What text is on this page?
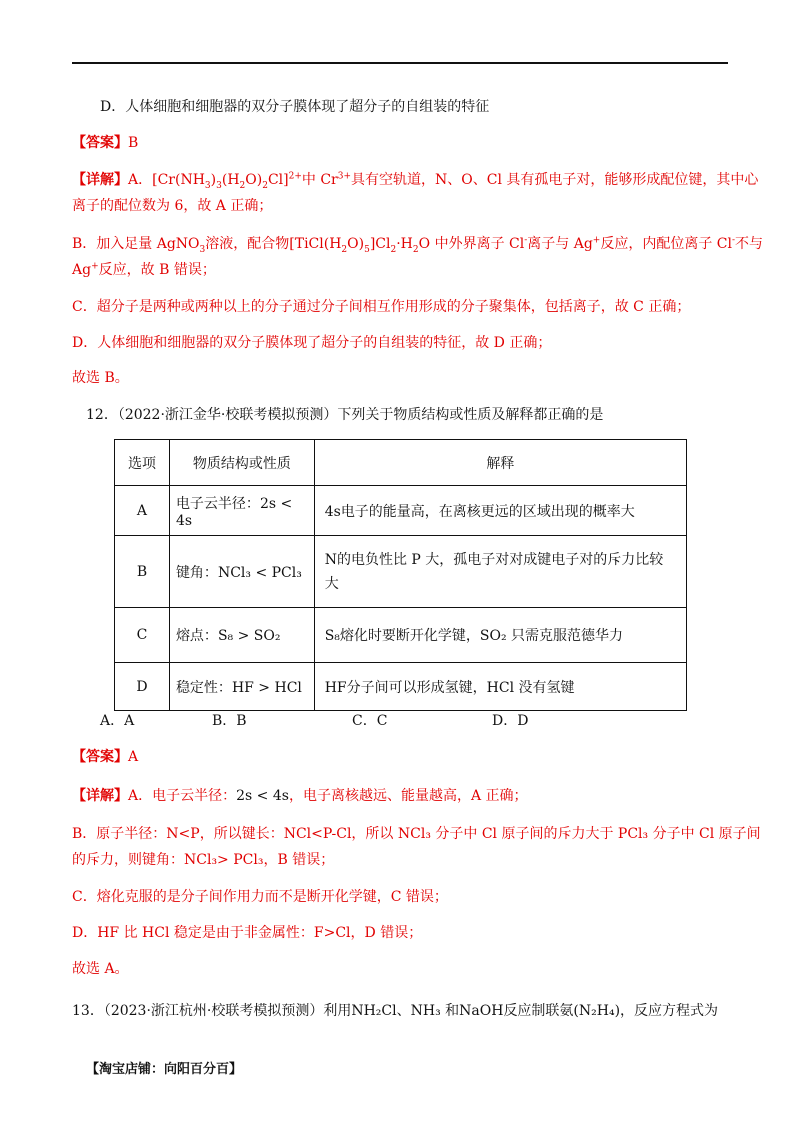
D．人体细胞和细胞器的双分子膜体现了超分子的自组装的特征
【答案】B
【详解】A．$[Cr(NH_3)_3(H_2O)_2Cl]^{2+}$中 $Cr^{3+}$具有空轨道，N、O、Cl 具有孤电子对，能够形成配位键，其中心
离子的配位数为 6，故 A 正确；
B．加入足量 AgNO$_3$溶液，配合物$[TiCl(H_2O)_5]Cl_2\cdot H_2O$ 中外界离子 Cl-离子与 Ag+反应，内配位离子 Cl-不与
Ag+反应，故 B 错误；
C．超分子是两种或两种以上的分子通过分子间相互作用形成的分子聚集体，包括离子，故 C 正确；
D．人体细胞和细胞器的双分子膜体现了超分子的自组装的特征，故 D 正确；
故选 B。
12．（2022·浙江金华·校联考模拟预测）下列关于物质结构或性质及解释都正确的是
选项	物质结构或性质	解释
A	电子云半径：2s < 4s	4s电子的能量高，在离核更远的区域出现的概率大

B	键角：NCl₃ < PCl₃	N的电负性比 P 大，孤电子对对成键电子对的斥力比较
大

C	熔点：S₈ > SO₂	S₈熔化时要断开化学键，SO₂ 只需克服范德华力

D	稳定性：HF > HCl	HF分子间可以形成氢键，HCl 没有氢键
A．A	B．B	C．C	D．D
【答案】A
【详解】A．电子云半径：2s < 4s，电子离核越远、能量越高，A 正确；
B．原子半径：N<P，所以键长：NCl<P-Cl，所以 NCl₃ 分子中 Cl 原子间的斥力大于 PCl₃ 分子中 Cl 原子间
的斥力，则键角：NCl₃> PCl₃，B 错误；
C．熔化克服的是分子间作用力而不是断开化学键，C 错误；
D．HF 比 HCl 稳定是由于非金属性：F>Cl，D 错误；
故选 A。
13．（2023·浙江杭州·校联考模拟预测）利用NH₂Cl、NH₃ 和NaOH反应制联氨(N₂H₄)，反应方程式为
【淘宝店铺：向阳百分百】
